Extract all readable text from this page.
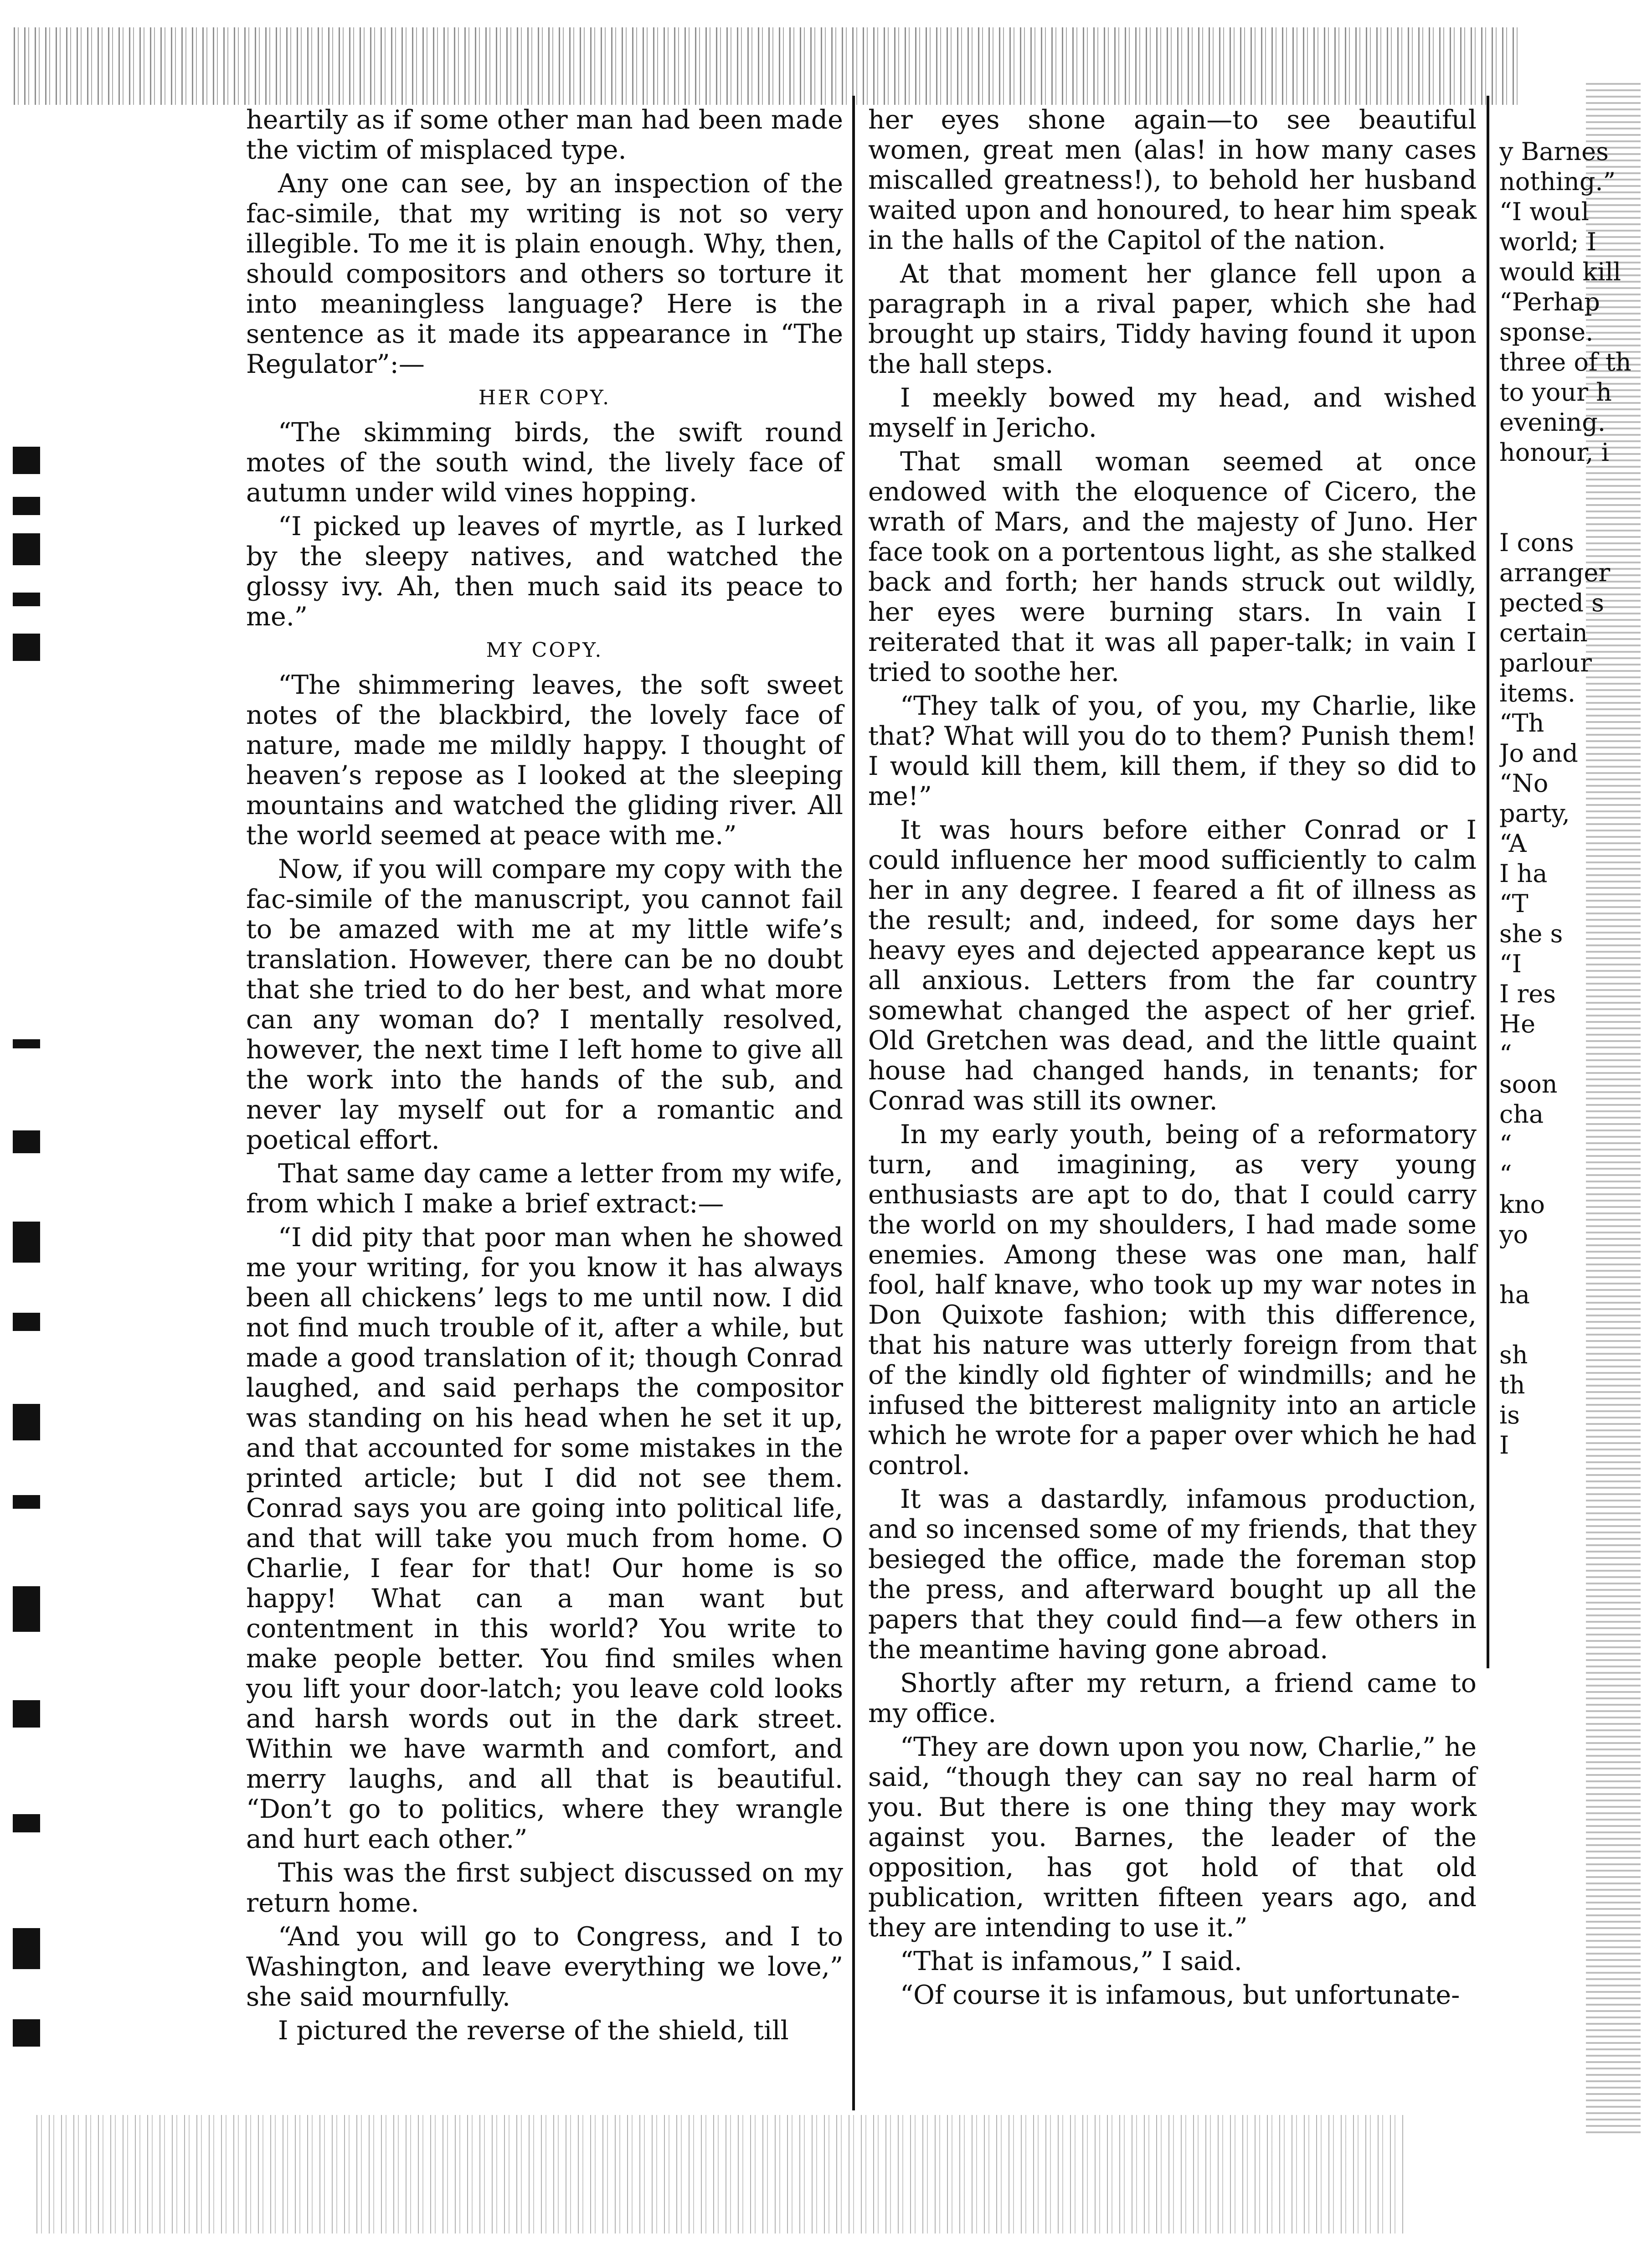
heartily as if some other man had been made the victim of misplaced type.

Any one can see, by an inspection of the fac-simile, that my writing is not so very illegible. To me it is plain enough. Why, then, should compositors and others so torture it into meaningless language? Here is the sentence as it made its appearance in “The Regulator”:—

HER COPY.

“The skimming birds, the swift round motes of the south wind, the lively face of autumn under wild vines hopping.

“I picked up leaves of myrtle, as I lurked by the sleepy natives, and watched the glossy ivy. Ah, then much said its peace to me.”

MY COPY.

“The shimmering leaves, the soft sweet notes of the blackbird, the lovely face of nature, made me mildly happy. I thought of heaven’s repose as I looked at the sleeping mountains and watched the gliding river. All the world seemed at peace with me.”

Now, if you will compare my copy with the fac-simile of the manuscript, you cannot fail to be amazed with me at my little wife’s translation. However, there can be no doubt that she tried to do her best, and what more can any woman do? I mentally resolved, however, the next time I left home to give all the work into the hands of the sub, and never lay myself out for a romantic and poetical effort.

That same day came a letter from my wife, from which I make a brief extract:—

“I did pity that poor man when he showed me your writing, for you know it has always been all chickens’ legs to me until now. I did not find much trouble of it, after a while, but made a good translation of it; though Conrad laughed, and said perhaps the compositor was standing on his head when he set it up, and that accounted for some mistakes in the printed article; but I did not see them. Conrad says you are going into political life, and that will take you much from home. O Charlie, I fear for that! Our home is so happy! What can a man want but contentment in this world? You write to make people better. You find smiles when you lift your door-latch; you leave cold looks and harsh words out in the dark street. Within we have warmth and comfort, and merry laughs, and all that is beautiful. “Don’t go to politics, where they wrangle and hurt each other.”

This was the first subject discussed on my return home.

“And you will go to Congress, and I to Washington, and leave everything we love,” she said mournfully.

I pictured the reverse of the shield, till

her eyes shone again—to see beautiful women, great men (alas! in how many cases miscalled greatness!), to behold her husband waited upon and honoured, to hear him speak in the halls of the Capitol of the nation.

At that moment her glance fell upon a paragraph in a rival paper, which she had brought up stairs, Tiddy having found it upon the hall steps.

I meekly bowed my head, and wished myself in Jericho.

That small woman seemed at once endowed with the eloquence of Cicero, the wrath of Mars, and the majesty of Juno. Her face took on a portentous light, as she stalked back and forth; her hands struck out wildly, her eyes were burning stars. In vain I reiterated that it was all paper-talk; in vain I tried to soothe her.

“They talk of you, of you, my Charlie, like that? What will you do to them? Punish them! I would kill them, kill them, if they so did to me!”

It was hours before either Conrad or I could influence her mood sufficiently to calm her in any degree. I feared a fit of illness as the result; and, indeed, for some days her heavy eyes and dejected appearance kept us all anxious. Letters from the far country somewhat changed the aspect of her grief. Old Gretchen was dead, and the little quaint house had changed hands, in tenants; for Conrad was still its owner.

In my early youth, being of a reformatory turn, and imagining, as very young enthusiasts are apt to do, that I could carry the world on my shoulders, I had made some enemies. Among these was one man, half fool, half knave, who took up my war notes in Don Quixote fashion; with this difference, that his nature was utterly foreign from that of the kindly old fighter of windmills; and he infused the bitterest malignity into an article which he wrote for a paper over which he had control.

It was a dastardly, infamous production, and so incensed some of my friends, that they besieged the office, made the foreman stop the press, and afterward bought up all the papers that they could find—a few others in the meantime having gone abroad.

Shortly after my return, a friend came to my office.

“They are down upon you now, Charlie,” he said, “though they can say no real harm of you. But there is one thing they may work against you. Barnes, the leader of the opposition, has got hold of that old publication, written fifteen years ago, and they are intending to use it.”

“That is infamous,” I said.

“Of course it is infamous, but unfortunate-

y Barnes
nothing.”
“I woul
world; I
would kill
“Perhap
sponse.
three of th
to your h
evening.
honour, i
I cons
arranger
pected s
certain
parlour
items.
“Th
Jo and
“No
party,
“A
I ha
“T
she s
“I
I res
He
“
soon
cha
“
“
kno
yo
ha
sh
th
is
I
